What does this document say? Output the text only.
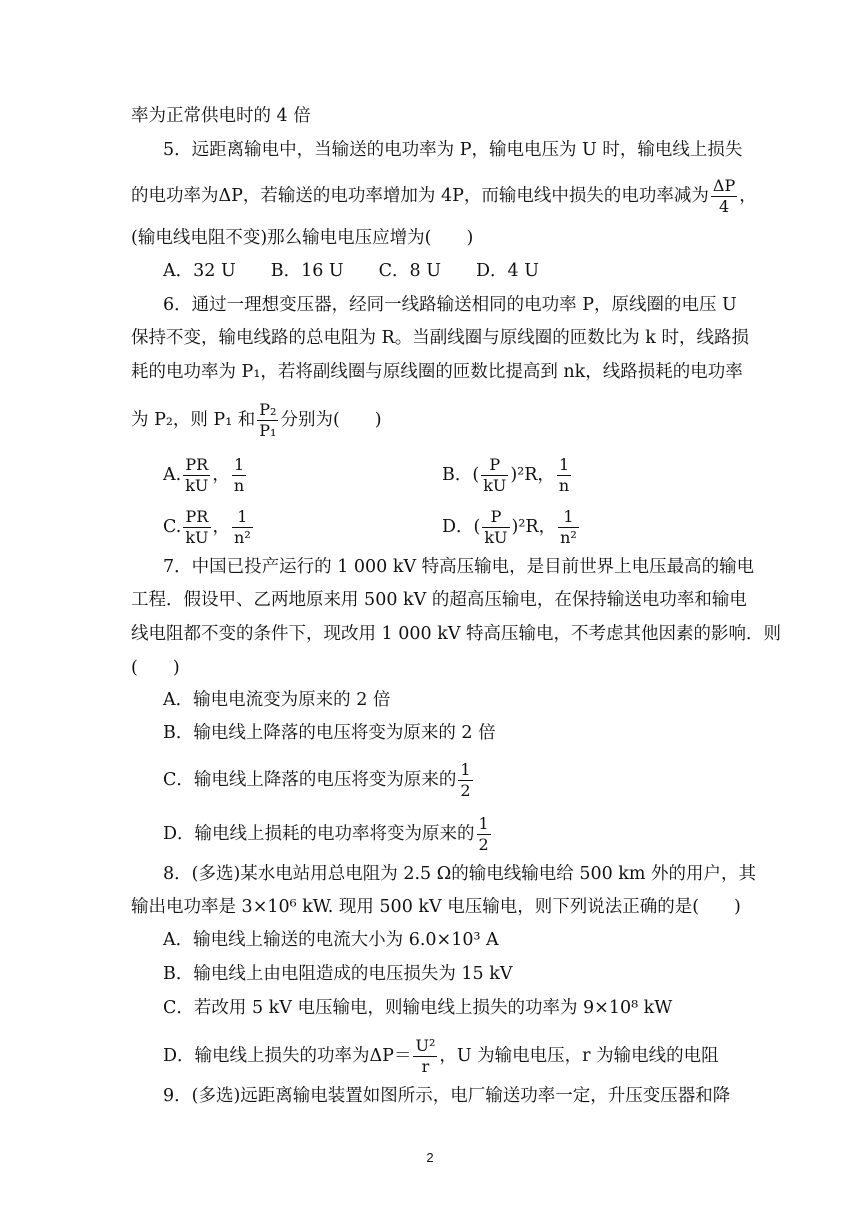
率为正常供电时的 4 倍
5．远距离输电中，当输送的电功率为 P，输电电压为 U 时，输电线上损失
的电功率为ΔP，若输送的电功率增加为 4P，而输电线中损失的电功率减为 $\frac{\Delta P}{4}$ ，
(输电线电阻不变)那么输电电压应增为(　　)
A．32 U　　B．16 U　　C．8 U　　D．4 U
6．通过一理想变压器，经同一线路输送相同的电功率 P，原线圈的电压 U
保持不变，输电线路的总电阻为 R。当副线圈与原线圈的匝数比为 k 时，线路损
耗的电功率为 P₁，若将副线圈与原线圈的匝数比提高到 nk，线路损耗的电功率
为 P₂，则 P₁ 和 $\frac{\text{P₂}}{\text{P₁}}$ 分别为(　　)
A. $\frac{PR}{kU}$ ， $\frac{1}{n}$	B．( $\frac{P}{kU} )^2R$， $\frac{1}{n}$
C. $\frac{PR}{kU}$ ， $\frac{1}{\text{n²}}$	D．( $\frac{P}{kU} )^2R$， $\frac{1}{\text{n²}}$
7．中国已投产运行的 1 000 kV 特高压输电，是目前世界上电压最高的输电
工程．假设甲、乙两地原来用 500 kV 的超高压输电，在保持输送电功率和输电
线电阻都不变的条件下，现改用 1 000 kV 特高压输电，不考虑其他因素的影响．则
(　　)
A．输电电流变为原来的 2 倍
B．输电线上降落的电压将变为原来的 2 倍
C．输电线上降落的电压将变为原来的 $\frac{1}{2}$
D．输电线上损耗的电功率将变为原来的 $\frac{1}{2}$
8．(多选)某水电站用总电阻为 2.5 Ω的输电线输电给 500 km 外的用户，其
输出电功率是 3×10⁶ kW. 现用 500 kV 电压输电，则下列说法正确的是(　　)
A．输电线上输送的电流大小为 6.0×10³ A
B．输电线上由电阻造成的电压损失为 15 kV
C．若改用 5 kV 电压输电，则输电线上损失的功率为 9×10⁸ kW
D．输电线上损失的功率为$\Delta P= \frac{\text{U²}}{r}$ ，U 为输电电压，r 为输电线的电阻
9．(多选)远距离输电装置如图所示，电厂输送功率一定，升压变压器和降
2
